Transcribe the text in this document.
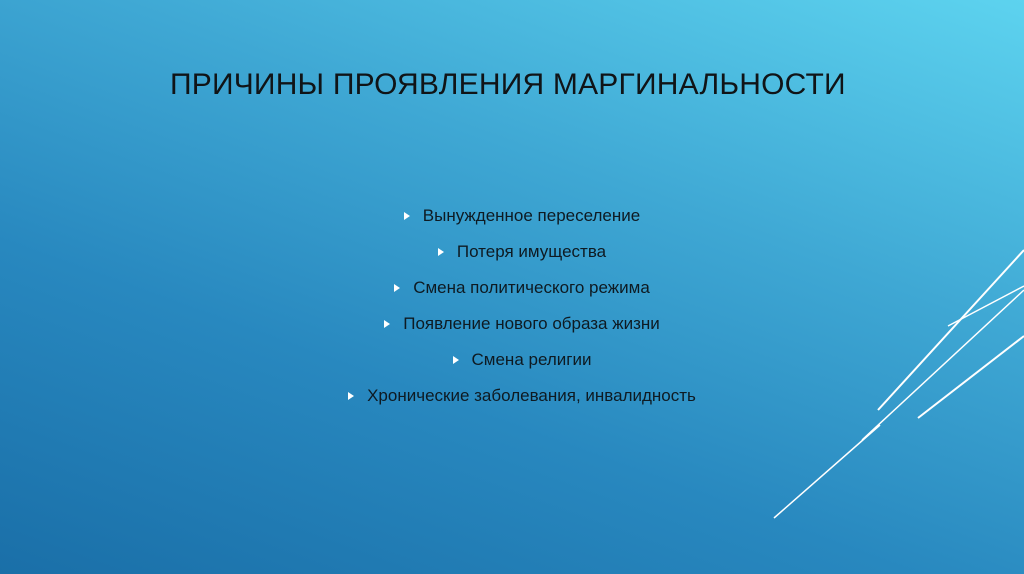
ПРИЧИНЫ ПРОЯВЛЕНИЯ МАРГИНАЛЬНОСТИ
Вынужденное переселение
Потеря имущества
Смена политического режима
Появление нового образа жизни
Смена религии
Хронические заболевания, инвалидность
